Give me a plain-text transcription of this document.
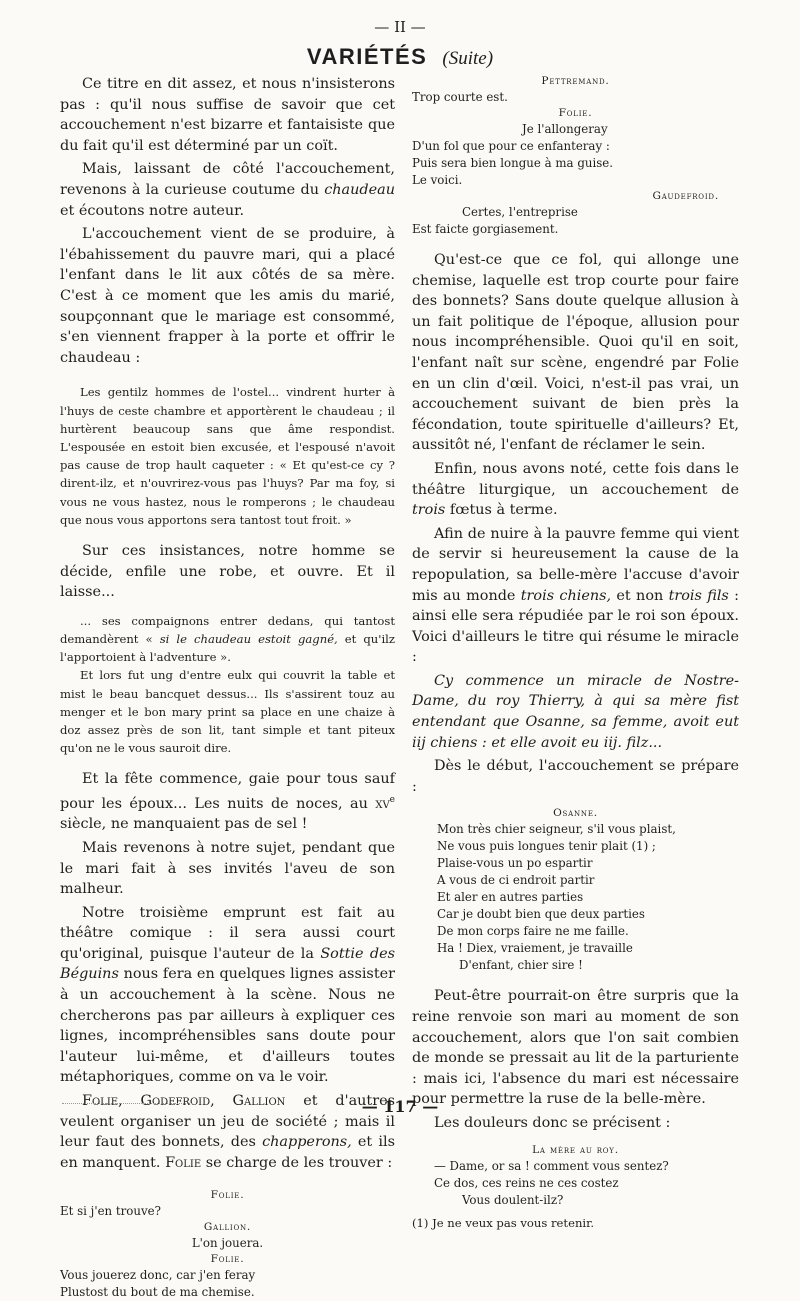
— II —
VARIÉTÉS (Suite)

Ce titre en dit assez, et nous n'insisterons pas : qu'il nous suffise de savoir que cet accouchement n'est bizarre et fantaisiste que du fait qu'il est déterminé par un coït.

Mais, laissant de côté l'accouchement, revenons à la curieuse coutume du chaudeau et écoutons notre auteur.

L'accouchement vient de se produire, à l'ébahissement du pauvre mari, qui a placé l'enfant dans le lit aux côtés de sa mère. C'est à ce moment que les amis du marié, soupçonnant que le mariage est consommé, s'en viennent frapper à la porte et offrir le chaudeau :

Les gentilz hommes de l'ostel... vindrent hurter à l'huys de ceste chambre et apportèrent le chaudeau ; il hurtèrent beaucoup sans que âme respondist. L'espousée en estoit bien excusée, et l'espousé n'avoit pas cause de trop hault caqueter : « Et qu'est-ce cy ? dirent-ilz, et n'ouvrirez-vous pas l'huys? Par ma foy, si vous ne vous hastez, nous le romperons ; le chaudeau que nous vous apportons sera tantost tout froit. »

Sur ces insistances, notre homme se décide, enfile une robe, et ouvre. Et il laisse...

... ses compaignons entrer dedans, qui tantost demandèrent « si le chaudeau estoit gagné, et qu'ilz l'apportoient à l'adventure ».

Et lors fut ung d'entre eulx qui couvrit la table et mist le beau bancquet dessus... Ils s'assirent touz au menger et le bon mary print sa place en une chaize à doz assez près de son lit, tant simple et tant piteux qu'on ne le vous sauroit dire.

Et la fête commence, gaie pour tous sauf pour les époux... Les nuits de noces, au $xv^e$ siècle, ne manquaient pas de sel !

Mais revenons à notre sujet, pendant que le mari fait à ses invités l'aveu de son malheur.

Notre troisième emprunt est fait au théâtre comique : il sera aussi court qu'original, puisque l'auteur de la Sottie des Béguins nous fera en quelques lignes assister à un accouchement à la scène. Nous ne chercherons pas par ailleurs à expliquer ces lignes, incompréhensibles sans doute pour l'auteur lui-même, et d'ailleurs toutes métaphoriques, comme on va le voir.

Folie, Godefroid, Gallion et d'autres veulent organiser un jeu de société ; mais il leur faut des bonnets, des chapperons, et ils en manquent. Folie se charge de les trouver :

Folie.
Et si j'en trouve?
Gallion.
L'on jouera.
Folie.
Vous jouerez donc, car j'en feray
Plustost du bout de ma chemise.
Pettremand.
Trop courte est.
Folie.
Je l'allongeray
D'un fol que pour ce enfanteray :
Puis sera bien longue à ma guise.
Le voici.
Gaudefroid.
Certes, l'entreprise
Est faicte gorgiasement.

Qu'est-ce que ce fol, qui allonge une chemise, laquelle est trop courte pour faire des bonnets? Sans doute quelque allusion à un fait politique de l'époque, allusion pour nous incompréhensible. Quoi qu'il en soit, l'enfant naît sur scène, engendré par Folie en un clin d'œil. Voici, n'est-il pas vrai, un accouchement suivant de bien près la fécondation, toute spirituelle d'ailleurs? Et, aussitôt né, l'enfant de réclamer le sein.

Enfin, nous avons noté, cette fois dans le théâtre liturgique, un accouchement de trois fœtus à terme.

Afin de nuire à la pauvre femme qui vient de servir si heureusement la cause de la repopulation, sa belle-mère l'accuse d'avoir mis au monde trois chiens, et non trois fils : ainsi elle sera répudiée par le roi son époux. Voici d'ailleurs le titre qui résume le miracle :

Cy commence un miracle de Nostre-Dame, du roy Thierry, à qui sa mère fist entendant que Osanne, sa femme, avoit eut iij chiens : et elle avoit eu iij. filz...

Dès le début, l'accouchement se prépare :

Osanne.
Mon très chier seigneur, s'il vous plaist,
Ne vous puis longues tenir plait (1) ;
Plaise-vous un po espartir
A vous de ci endroit partir
Et aler en autres parties
Car je doubt bien que deux parties
De mon corps faire ne me faille.
Ha ! Diex, vraiement, je travaille
D'enfant, chier sire !

Peut-être pourrait-on être surpris que la reine renvoie son mari au moment de son accouchement, alors que l'on sait combien de monde se pressait au lit de la parturiente : mais ici, l'absence du mari est nécessaire pour permettre la ruse de la belle-mère.

Les douleurs donc se précisent :

La mère au roy.
— Dame, or sa ! comment vous sentez?
Ce dos, ces reins ne ces costez
Vous doulent-ilz?
(1) Je ne veux pas vous retenir.
— 117 —
